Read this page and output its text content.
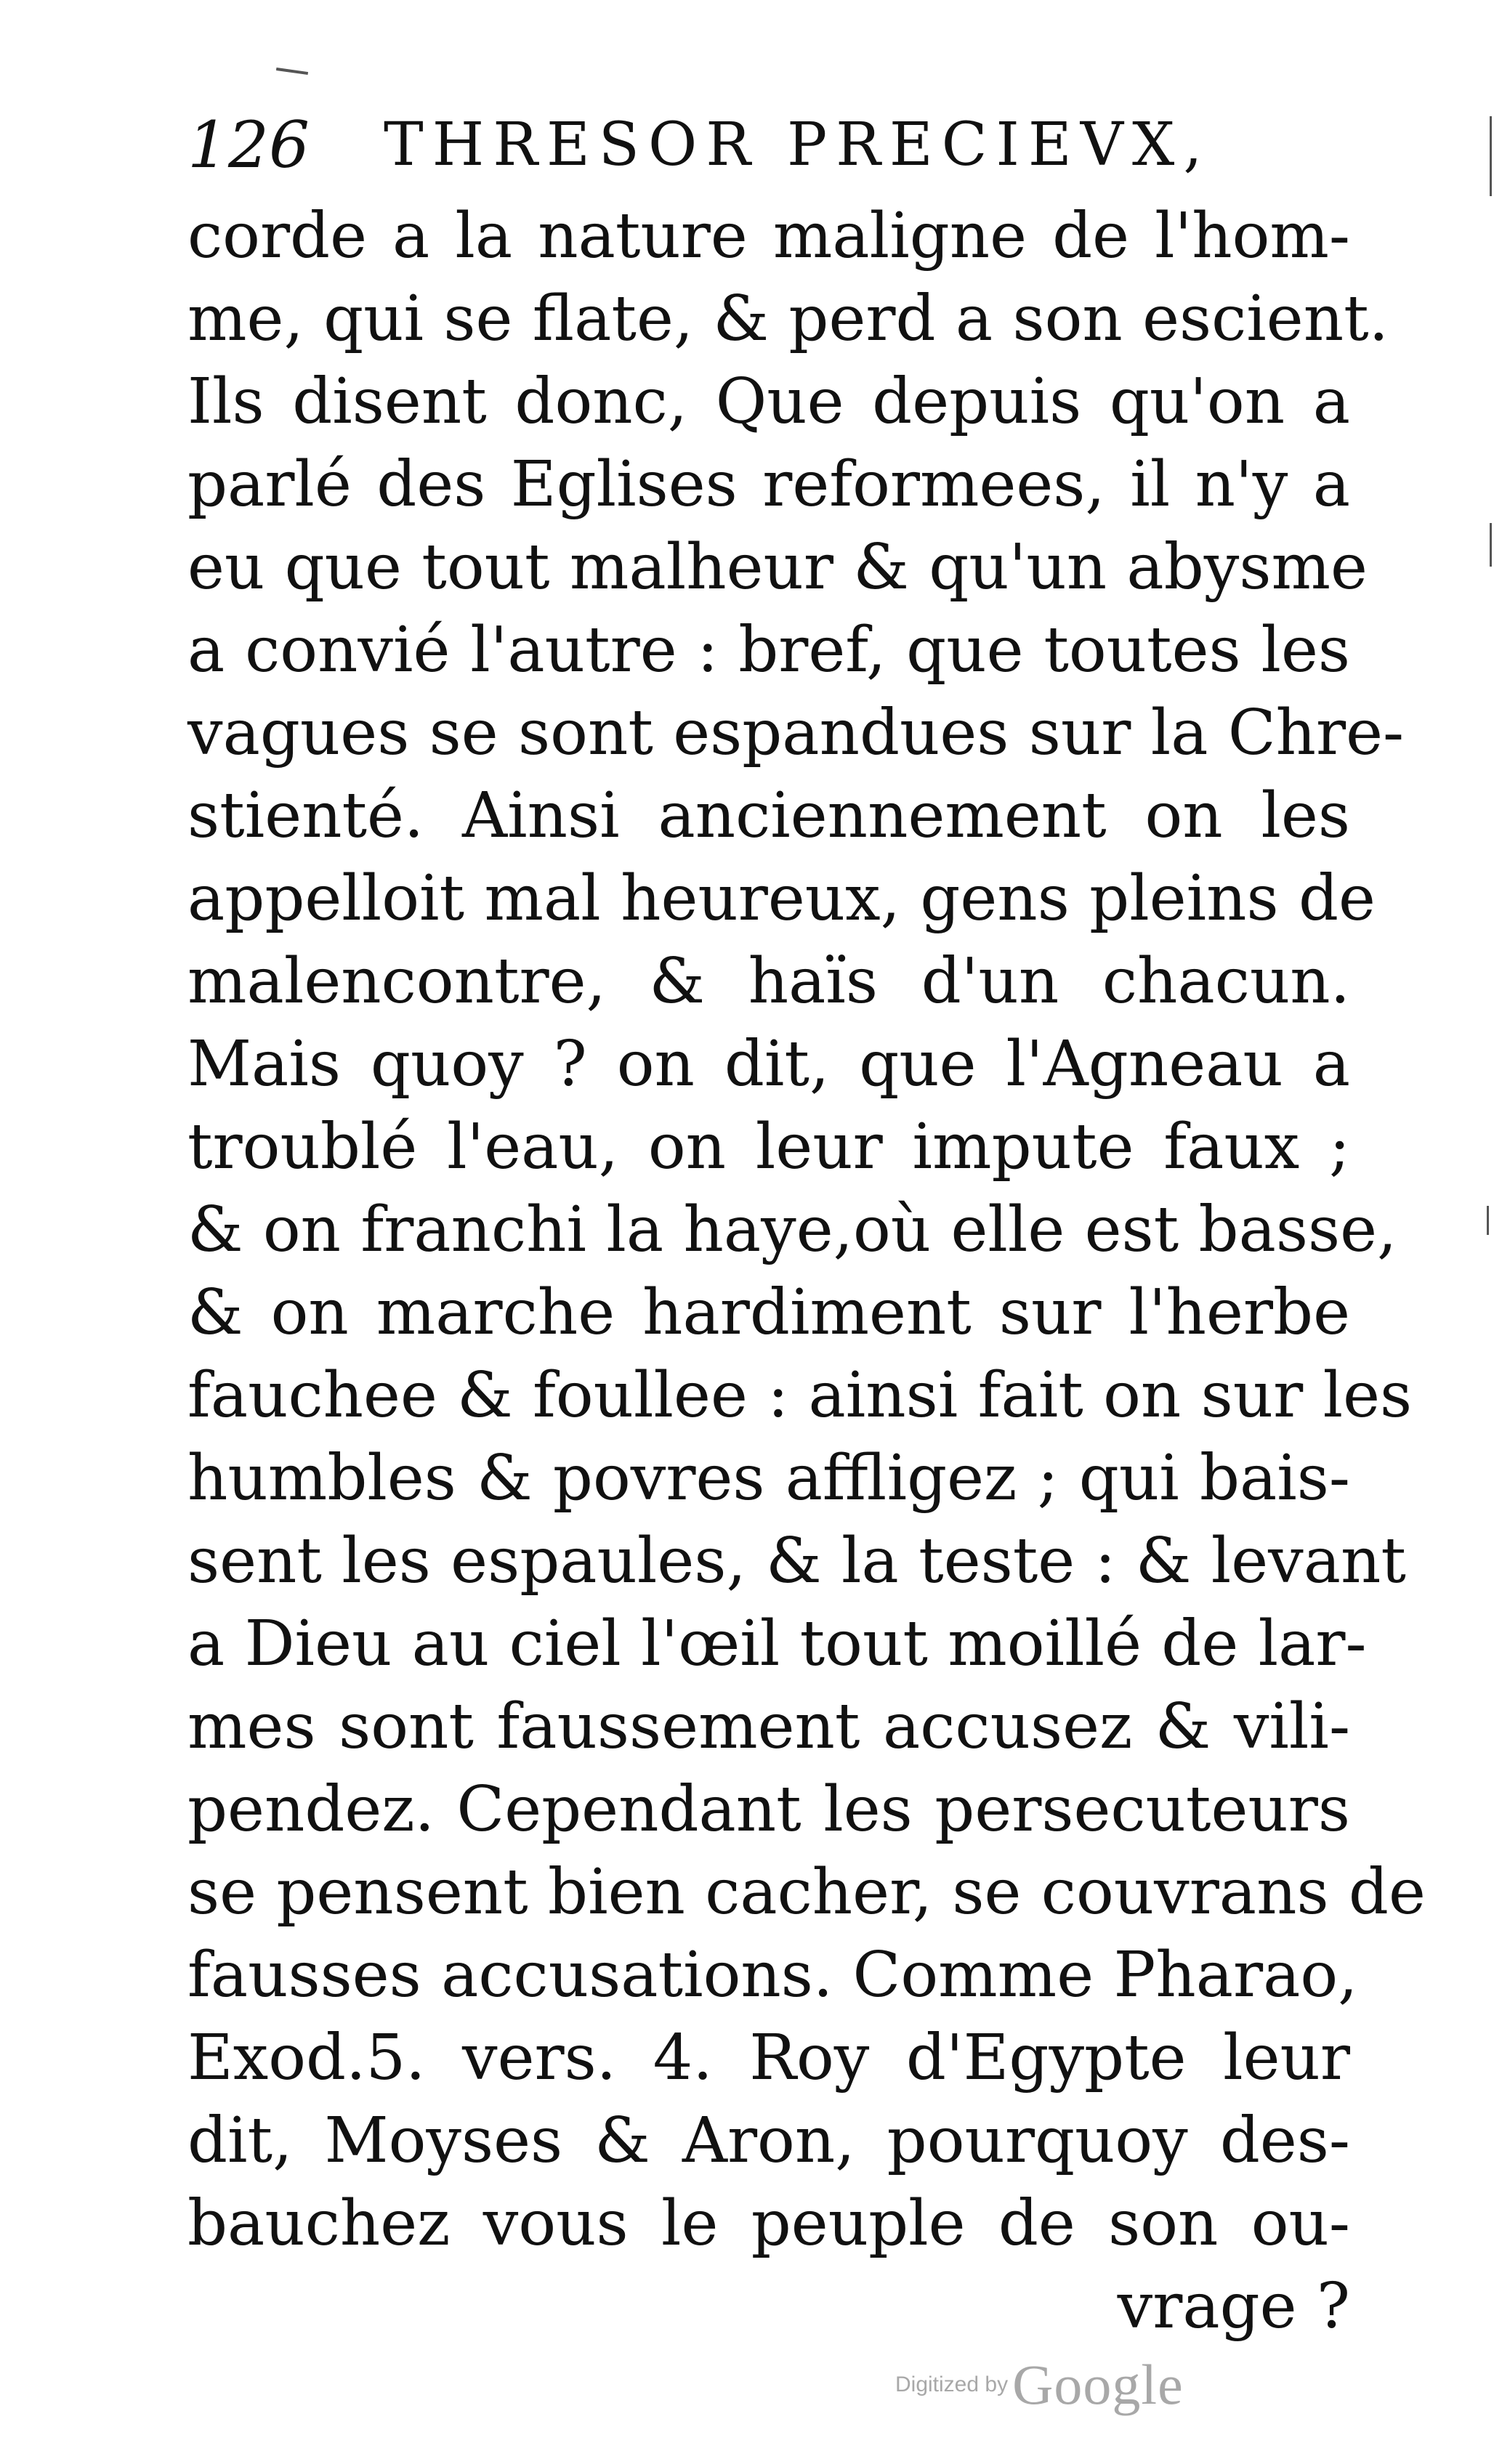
126 THRESOR PRECIEVX,
corde a la nature maligne de l'hom-
me, qui se flate, & perd a son escient.
Ils disent donc, Que depuis qu'on a
parlé des Eglises reformees, il n'y a
eu que tout malheur & qu'un abysme
a convié l'autre : bref, que toutes les
vagues se sont espandues sur la Chre-
stienté. Ainsi anciennement on les
appelloit mal heureux, gens pleins de
malencontre, & haïs d'un chacun.
Mais quoy ? on dit, que l'Agneau a
troublé l'eau, on leur impute faux ;
& on franchi la haye,où elle est basse,
& on marche hardiment sur l'herbe
fauchee & foullee : ainsi fait on sur les
humbles & povres affligez ; qui bais-
sent les espaules, & la teste : & levant
a Dieu au ciel l'œil tout moillé de lar-
mes sont faussement accusez & vili-
pendez. Cependant les persecuteurs
se pensent bien cacher, se couvrans de
fausses accusations. Comme Pharao,
Exod.5. vers. 4. Roy d'Egypte leur
dit, Moyses & Aron, pourquoy des-
bauchez vous le peuple de son ou-
vrage ?
Digitized byGoogle
